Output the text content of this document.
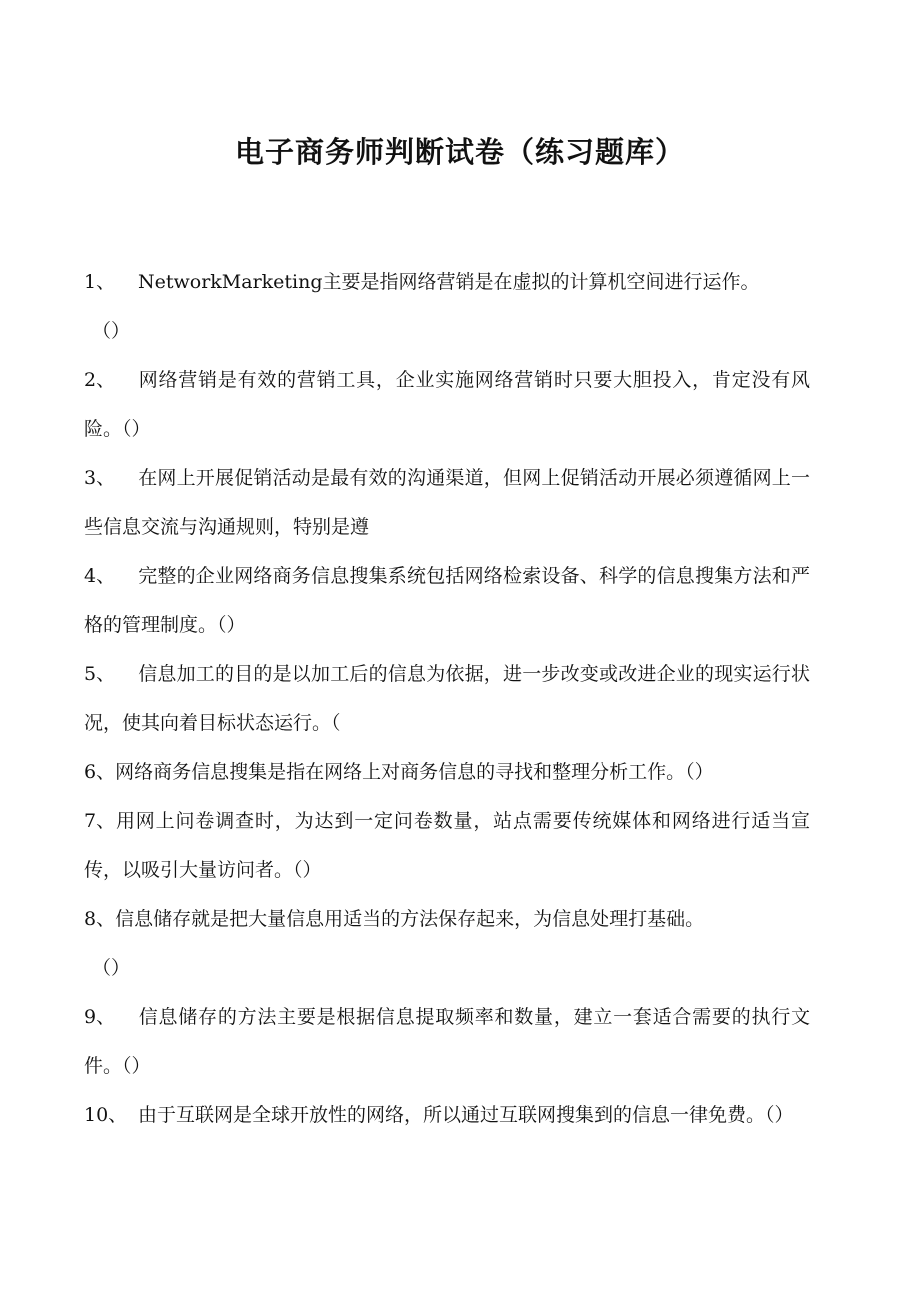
电子商务师判断试卷（练习题库）
1、 NetworkMarketing主要是指网络营销是在虚拟的计算机空间进行运作。
（）
2、 网络营销是有效的营销工具，企业实施网络营销时只要大胆投入，肯定没有风险。（）
3、 在网上开展促销活动是最有效的沟通渠道，但网上促销活动开展必须遵循网上一些信息交流与沟通规则，特别是遵
4、 完整的企业网络商务信息搜集系统包括网络检索设备、科学的信息搜集方法和严格的管理制度。（）
5、 信息加工的目的是以加工后的信息为依据，进一步改变或改进企业的现实运行状况，使其向着目标状态运行。（
6、网络商务信息搜集是指在网络上对商务信息的寻找和整理分析工作。（）
7、用网上问卷调查时，为达到一定问卷数量，站点需要传统媒体和网络进行适当宣传，以吸引大量访问者。（）
8、信息储存就是把大量信息用适当的方法保存起来，为信息处理打基础。
（）
9、 信息储存的方法主要是根据信息提取频率和数量，建立一套适合需要的执行文件。（）
10、 由于互联网是全球开放性的网络，所以通过互联网搜集到的信息一律免费。（）
